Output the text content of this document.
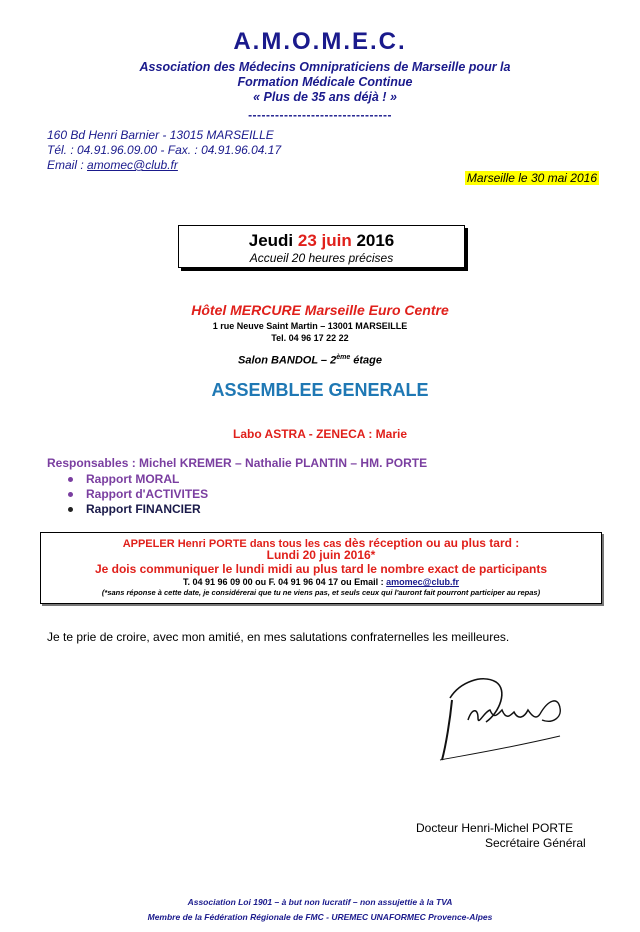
A.M.O.M.E.C.
Association des Médecins Omnipraticiens de Marseille pour la
Formation Médicale Continue
« Plus de 35 ans déjà ! »
--------------------------------
160 Bd Henri Barnier - 13015 MARSEILLE
Tél. : 04.91.96.09.00 - Fax. : 04.91.96.04.17
Email : amomec@club.fr
Marseille le 30 mai 2016
Jeudi 23 juin 2016
Accueil 20 heures précises
Hôtel MERCURE Marseille Euro Centre
1 rue Neuve Saint Martin – 13001 MARSEILLE
Tel. 04 96 17 22 22
Salon BANDOL – 2ème étage
ASSEMBLEE GENERALE
Labo ASTRA - ZENECA : Marie
Responsables : Michel KREMER – Nathalie PLANTIN – HM. PORTE
Rapport MORAL
Rapport d'ACTIVITES
Rapport FINANCIER
APPELER Henri PORTE dans tous les cas dès réception ou au plus tard :
Lundi 20 juin 2016*
Je dois communiquer le lundi midi au plus tard le nombre exact de participants
T. 04 91 96 09 00 ou F. 04 91 96 04 17 ou Email : amomec@club.fr
(*sans réponse à cette date, je considérerai que tu ne viens pas, et seuls ceux qui l'auront fait pourront participer au repas)
Je te prie de croire, avec mon amitié, en mes salutations confraternelles les meilleures.
Docteur Henri-Michel PORTE
Secrétaire Général
Association Loi 1901 – à but non lucratif – non assujettie à la TVA
Membre de la Fédération Régionale de FMC - UREMEC UNAFORMEC Provence-Alpes
